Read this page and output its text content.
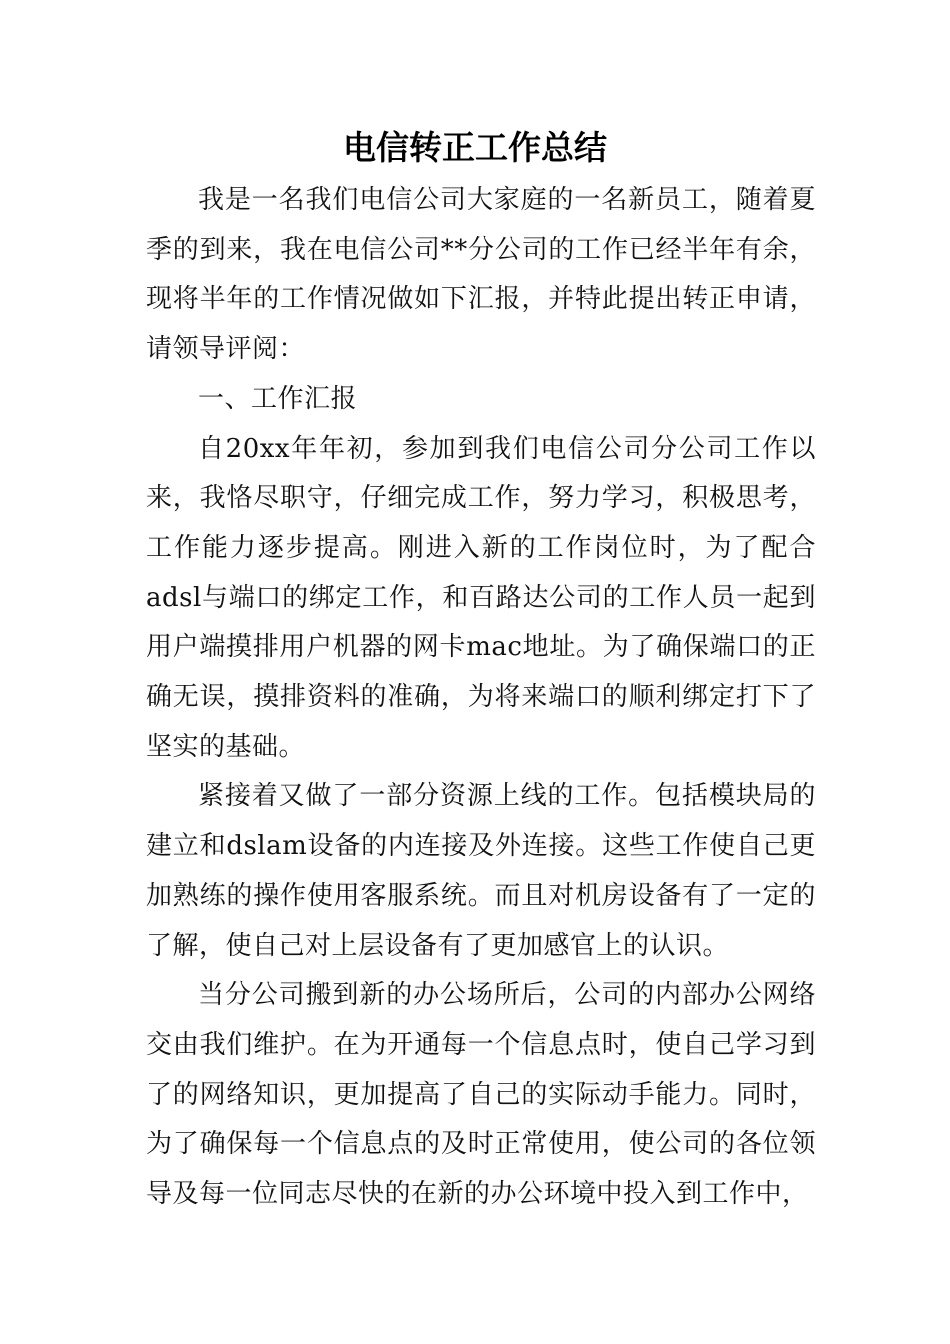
电信转正工作总结

我是一名我们电信公司大家庭的一名新员工，随着夏季的到来，我在电信公司**分公司的工作已经半年有余，现将半年的工作情况做如下汇报，并特此提出转正申请，请领导评阅：

一、工作汇报

自20xx年年初，参加到我们电信公司分公司工作以来，我恪尽职守，仔细完成工作，努力学习，积极思考，工作能力逐步提高。刚进入新的工作岗位时，为了配合adsl与端口的绑定工作，和百路达公司的工作人员一起到用户端摸排用户机器的网卡mac地址。为了确保端口的正确无误，摸排资料的准确，为将来端口的顺利绑定打下了坚实的基础。

紧接着又做了一部分资源上线的工作。包括模块局的建立和dslam设备的内连接及外连接。这些工作使自己更加熟练的操作使用客服系统。而且对机房设备有了一定的了解，使自己对上层设备有了更加感官上的认识。

当分公司搬到新的办公场所后，公司的内部办公网络交由我们维护。在为开通每一个信息点时，使自己学习到了的网络知识，更加提高了自己的实际动手能力。同时，为了确保每一个信息点的及时正常使用，使公司的各位领导及每一位同志尽快的在新的办公环境中投入到工作中，
